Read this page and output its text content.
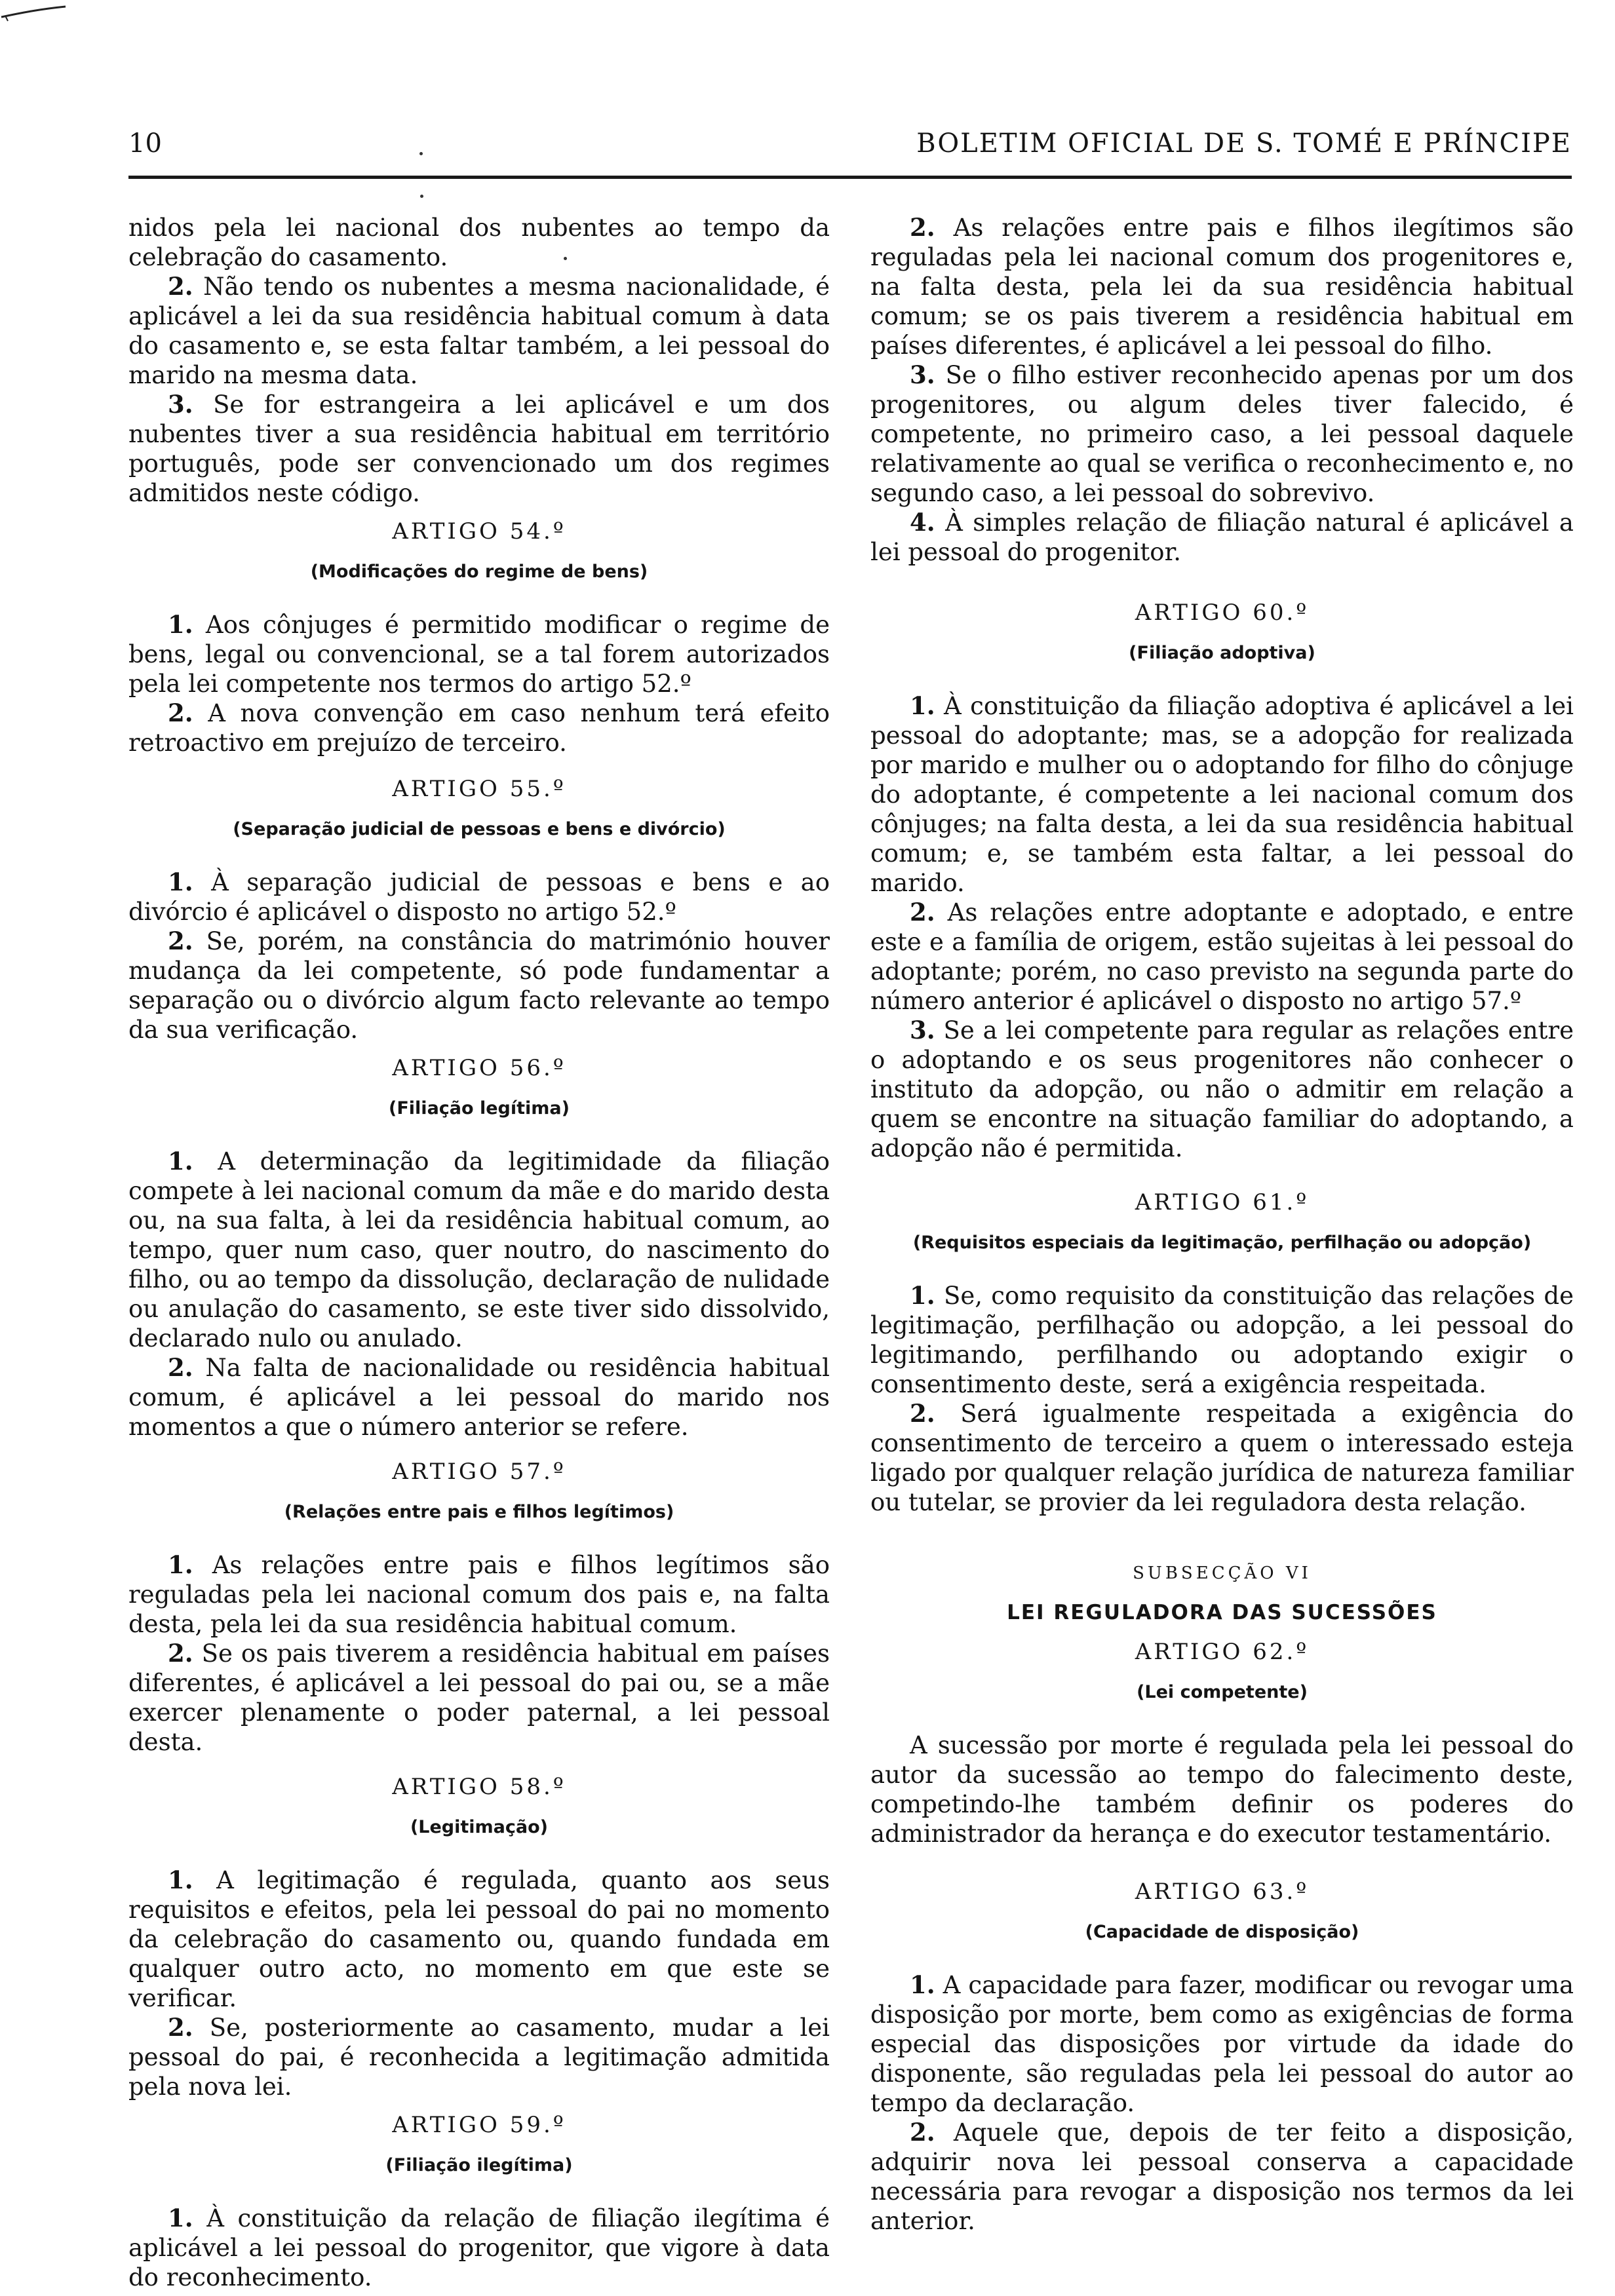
10	BOLETIM OFICIAL DE S. TOMÉ E PRÍNCIPE

nidos pela lei nacional dos nubentes ao tempo da celebração do casamento.

2. Não tendo os nubentes a mesma nacionalidade, é aplicável a lei da sua residência habitual comum à data do casamento e, se esta faltar também, a lei pessoal do marido na mesma data.

3. Se for estrangeira a lei aplicável e um dos nubentes tiver a sua residência habitual em território português, pode ser convencionado um dos regimes admitidos neste código.

ARTIGO 54.º
(Modificações do regime de bens)

1. Aos cônjuges é permitido modificar o regime de bens, legal ou convencional, se a tal forem autorizados pela lei competente nos termos do artigo 52.º

2. A nova convenção em caso nenhum terá efeito retroactivo em prejuízo de terceiro.

ARTIGO 55.º
(Separação judicial de pessoas e bens e divórcio)

1. À separação judicial de pessoas e bens e ao divórcio é aplicável o disposto no artigo 52.º

2. Se, porém, na constância do matrimónio houver mudança da lei competente, só pode fundamentar a separação ou o divórcio algum facto relevante ao tempo da sua verificação.

ARTIGO 56.º
(Filiação legítima)

1. A determinação da legitimidade da filiação compete à lei nacional comum da mãe e do marido desta ou, na sua falta, à lei da residência habitual comum, ao tempo, quer num caso, quer noutro, do nascimento do filho, ou ao tempo da dissolução, declaração de nulidade ou anulação do casamento, se este tiver sido dissolvido, declarado nulo ou anulado.

2. Na falta de nacionalidade ou residência habitual comum, é aplicável a lei pessoal do marido nos momentos a que o número anterior se refere.

ARTIGO 57.º
(Relações entre pais e filhos legítimos)

1. As relações entre pais e filhos legítimos são reguladas pela lei nacional comum dos pais e, na falta desta, pela lei da sua residência habitual comum.

2. Se os pais tiverem a residência habitual em países diferentes, é aplicável a lei pessoal do pai ou, se a mãe exercer plenamente o poder paternal, a lei pessoal desta.

ARTIGO 58.º
(Legitimação)

1. A legitimação é regulada, quanto aos seus requisitos e efeitos, pela lei pessoal do pai no momento da celebração do casamento ou, quando fundada em qualquer outro acto, no momento em que este se verificar.

2. Se, posteriormente ao casamento, mudar a lei pessoal do pai, é reconhecida a legitimação admitida pela nova lei.

ARTIGO 59.º
(Filiação ilegítima)

1. À constituição da relação de filiação ilegítima é aplicável a lei pessoal do progenitor, que vigore à data do reconhecimento.

2. As relações entre pais e filhos ilegítimos são reguladas pela lei nacional comum dos progenitores e, na falta desta, pela lei da sua residência habitual comum; se os pais tiverem a residência habitual em países diferentes, é aplicável a lei pessoal do filho.

3. Se o filho estiver reconhecido apenas por um dos progenitores, ou algum deles tiver falecido, é competente, no primeiro caso, a lei pessoal daquele relativamente ao qual se verifica o reconhecimento e, no segundo caso, a lei pessoal do sobrevivo.

4. À simples relação de filiação natural é aplicável a lei pessoal do progenitor.

ARTIGO 60.º
(Filiação adoptiva)

1. À constituição da filiação adoptiva é aplicável a lei pessoal do adoptante; mas, se a adopção for realizada por marido e mulher ou o adoptando for filho do cônjuge do adoptante, é competente a lei nacional comum dos cônjuges; na falta desta, a lei da sua residência habitual comum; e, se também esta faltar, a lei pessoal do marido.

2. As relações entre adoptante e adoptado, e entre este e a família de origem, estão sujeitas à lei pessoal do adoptante; porém, no caso previsto na segunda parte do número anterior é aplicável o disposto no artigo 57.º

3. Se a lei competente para regular as relações entre o adoptando e os seus progenitores não conhecer o instituto da adopção, ou não o admitir em relação a quem se encontre na situação familiar do adoptando, a adopção não é permitida.

ARTIGO 61.º
(Requisitos especiais da legitimação, perfilhação ou adopção)

1. Se, como requisito da constituição das relações de legitimação, perfilhação ou adopção, a lei pessoal do legitimando, perfilhando ou adoptando exigir o consentimento deste, será a exigência respeitada.

2. Será igualmente respeitada a exigência do consentimento de terceiro a quem o interessado esteja ligado por qualquer relação jurídica de natureza familiar ou tutelar, se provier da lei reguladora desta relação.

SUBSECÇÃO VI
LEI REGULADORA DAS SUCESSÕES
ARTIGO 62.º
(Lei competente)

A sucessão por morte é regulada pela lei pessoal do autor da sucessão ao tempo do falecimento deste, competindo-lhe também definir os poderes do administrador da herança e do executor testamentário.

ARTIGO 63.º
(Capacidade de disposição)

1. A capacidade para fazer, modificar ou revogar uma disposição por morte, bem como as exigências de forma especial das disposições por virtude da idade do disponente, são reguladas pela lei pessoal do autor ao tempo da declaração.

2. Aquele que, depois de ter feito a disposição, adquirir nova lei pessoal conserva a capacidade necessária para revogar a disposição nos termos da lei anterior.
